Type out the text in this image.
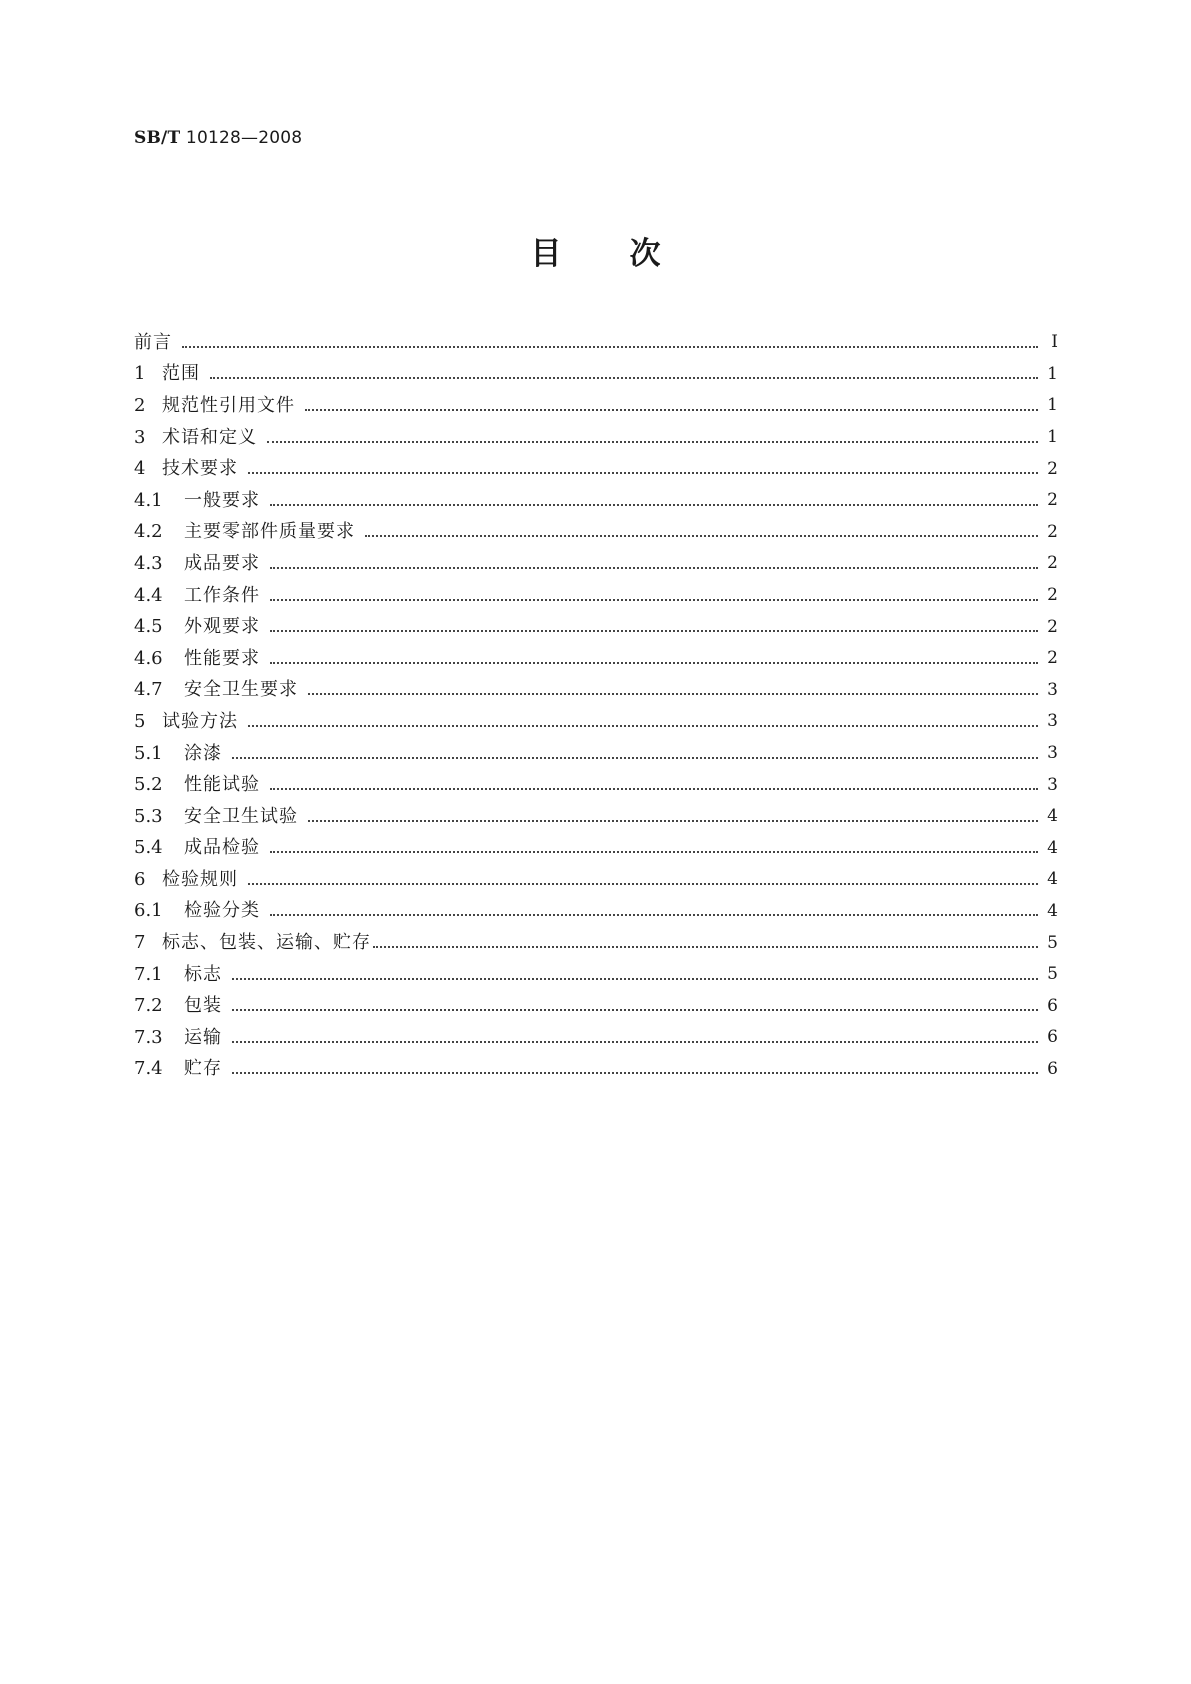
SB/T 10128—2008
目次
前言	Ⅰ
1 范围	1
2 规范性引用文件	1
3 术语和定义	1
4 技术要求	2
4.1	一般要求	2
4.2	主要零部件质量要求	2
4.3	成品要求	2
4.4	工作条件	2
4.5	外观要求	2
4.6	性能要求	2
4.7	安全卫生要求	3
5 试验方法	3
5.1	涂漆	3
5.2	性能试验	3
5.3	安全卫生试验	4
5.4	成品检验	4
6 检验规则	4
6.1	检验分类	4
7 标志、包装、运输、贮存	5
7.1	标志	5
7.2	包装	6
7.3	运输	6
7.4	贮存	6
